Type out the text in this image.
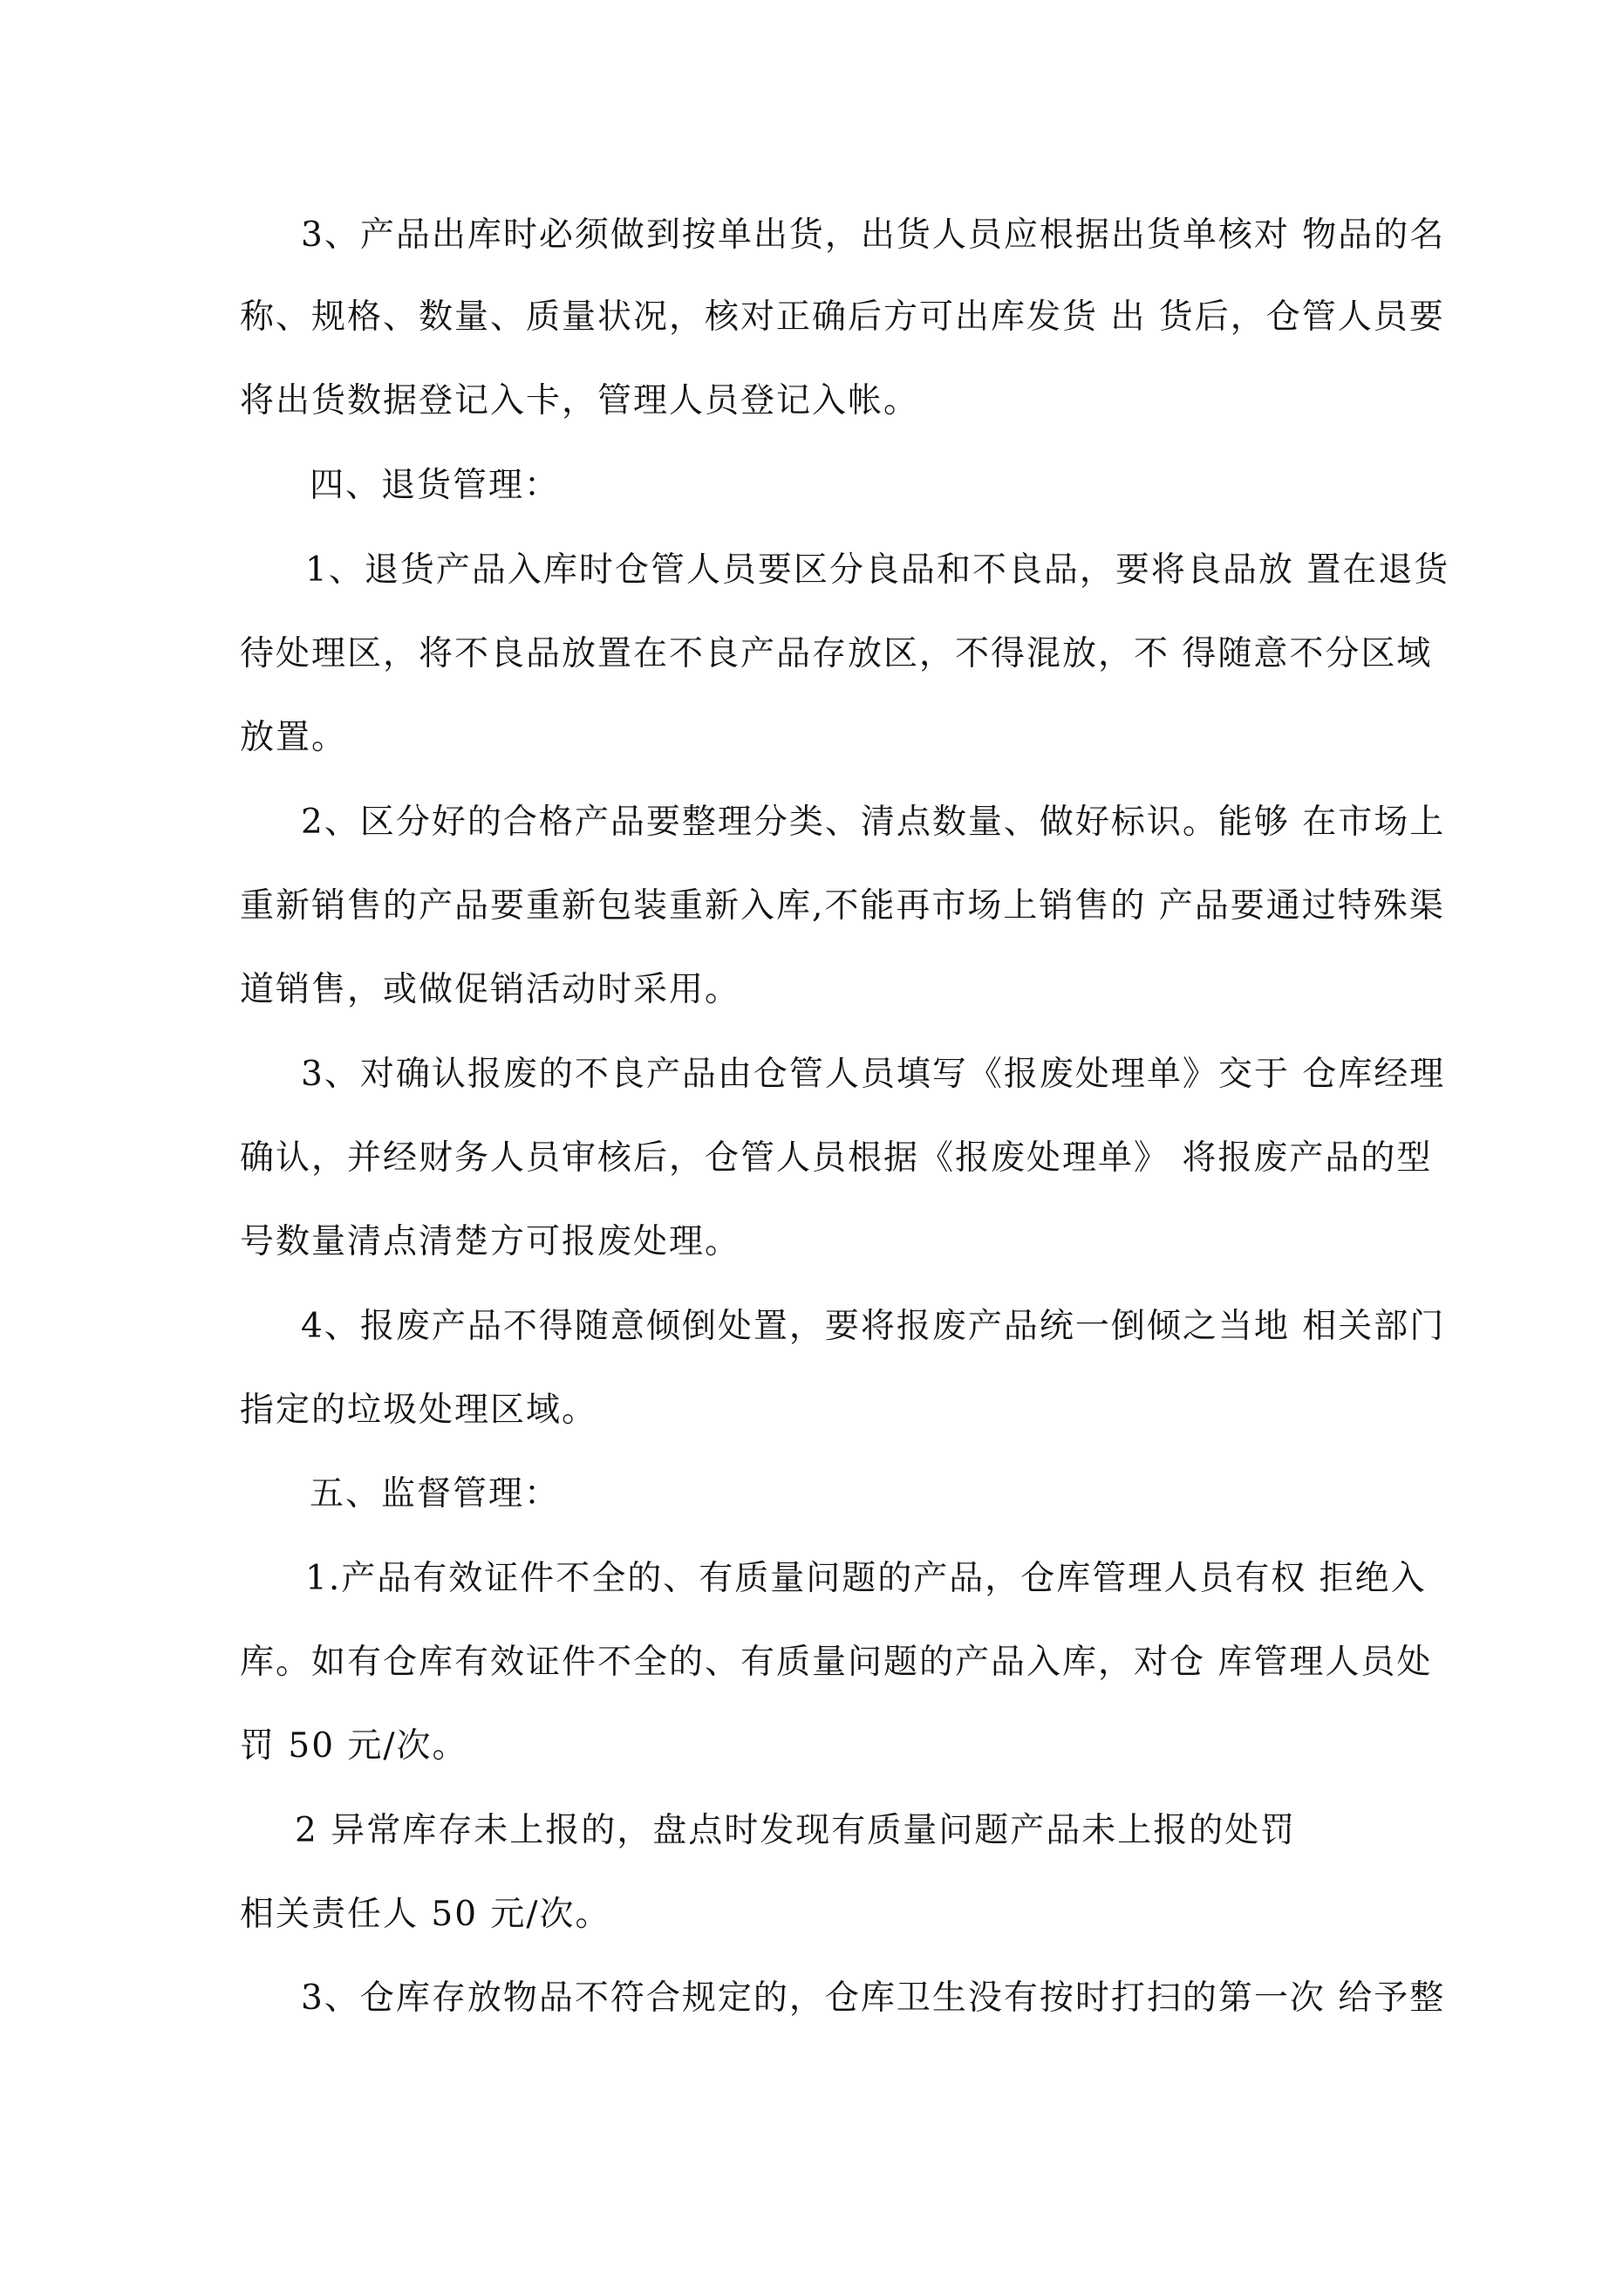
3、产品出库时必须做到按单出货，出货人员应根据出货单核对 物品的名

称、规格、数量、质量状况，核对正确后方可出库发货 出 货后，仓管人员要

将出货数据登记入卡，管理人员登记入帐。

四、退货管理：

1、退货产品入库时仓管人员要区分良品和不良品，要将良品放 置在退货

待处理区，将不良品放置在不良产品存放区，不得混放，不 得随意不分区域

放置。

2、区分好的合格产品要整理分类、清点数量、做好标识。能够 在市场上

重新销售的产品要重新包装重新入库,不能再市场上销售的 产品要通过特殊渠

道销售，或做促销活动时采用。

3、对确认报废的不良产品由仓管人员填写《报废处理单》交于 仓库经理

确认，并经财务人员审核后，仓管人员根据《报废处理单》 将报废产品的型

号数量清点清楚方可报废处理。

4、报废产品不得随意倾倒处置，要将报废产品统一倒倾之当地 相关部门

指定的垃圾处理区域。

五、监督管理：

1.产品有效证件不全的、有质量问题的产品，仓库管理人员有权 拒绝入

库。如有仓库有效证件不全的、有质量问题的产品入库，对仓 库管理人员处

罚 50 元/次。

2 异常库存未上报的，盘点时发现有质量问题产品未上报的处罚

相关责任人 50 元/次。

3、仓库存放物品不符合规定的，仓库卫生没有按时打扫的第一次 给予整
